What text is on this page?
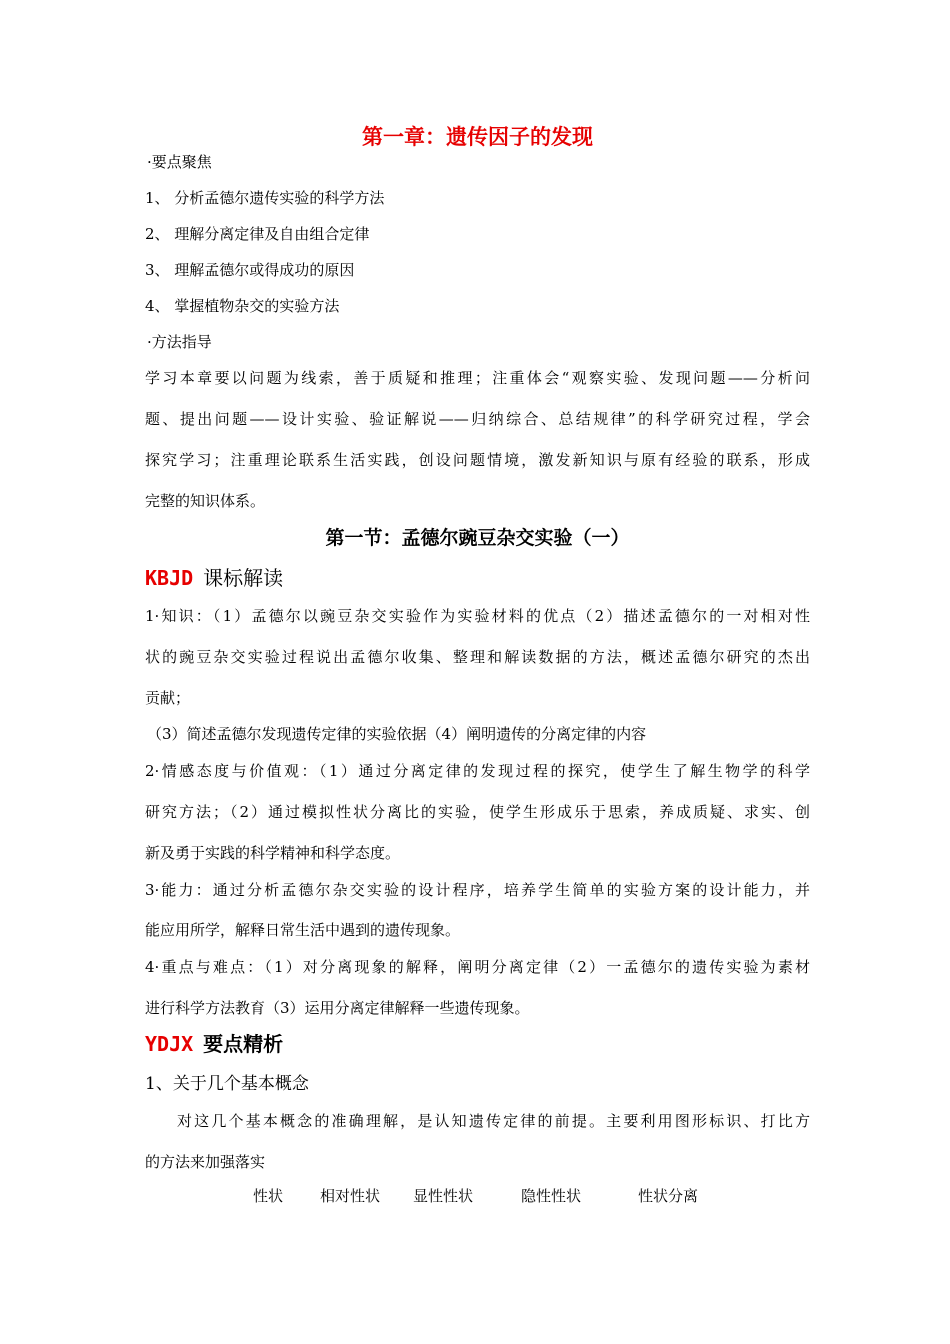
第一章：遗传因子的发现
·要点聚焦
1、 分析孟德尔遗传实验的科学方法
2、 理解分离定律及自由组合定律
3、 理解孟德尔或得成功的原因
4、 掌握植物杂交的实验方法
·方法指导
学习本章要以问题为线索，善于质疑和推理；注重体会“观察实验、发现问题——分析问
题、提出问题——设计实验、验证解说——归纳综合、总结规律”的科学研究过程，学会
探究学习；注重理论联系生活实践，创设问题情境，激发新知识与原有经验的联系，形成
完整的知识体系。
第一节：孟德尔豌豆杂交实验（一）
KBJD 课标解读
1·知识：（1）孟德尔以豌豆杂交实验作为实验材料的优点（2）描述孟德尔的一对相对性
状的豌豆杂交实验过程说出孟德尔收集、整理和解读数据的方法，概述孟德尔研究的杰出
贡献；
（3）简述孟德尔发现遗传定律的实验依据（4）阐明遗传的分离定律的内容
2·情感态度与价值观：（1）通过分离定律的发现过程的探究，使学生了解生物学的科学
研究方法；（2）通过模拟性状分离比的实验，使学生形成乐于思索，养成质疑、求实、创
新及勇于实践的科学精神和科学态度。
3·能力：通过分析孟德尔杂交实验的设计程序，培养学生简单的实验方案的设计能力，并
能应用所学，解释日常生活中遇到的遗传现象。
4·重点与难点：（1）对分离现象的解释，阐明分离定律（2）一孟德尔的遗传实验为素材
进行科学方法教育（3）运用分离定律解释一些遗传现象。
YDJX 要点精析
1、关于几个基本概念
对这几个基本概念的准确理解，是认知遗传定律的前提。主要利用图形标识、打比方
的方法来加强落实
性状 相对性状 显性性状	隐性性状	性状分离
